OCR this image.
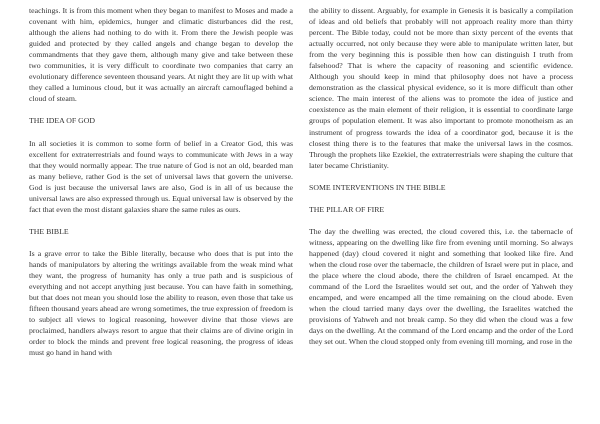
teachings. It is from this moment when they began to manifest to Moses and made a covenant with him, epidemics, hunger and climatic disturbances did the rest, although the aliens had nothing to do with it. From there the Jewish people was guided and protected by they called angels and change began to develop the commandments that they gave them, although many give and take between these two communities, it is very difficult to coordinate two companies that carry an evolutionary difference seventeen thousand years. At night they are lit up with what they called a luminous cloud, but it was actually an aircraft camouflaged behind a cloud of steam.

THE IDEA OF GOD

In all societies it is common to some form of belief in a Creator God, this was excellent for extraterrestrials and found ways to communicate with Jews in a way that they would normally appear. The true nature of God is not an old, bearded man as many believe, rather God is the set of universal laws that govern the universe. God is just because the universal laws are also, God is in all of us because the universal laws are also expressed through us. Equal universal law is observed by the fact that even the most distant galaxies share the same rules as ours.

THE BIBLE

Is a grave error to take the Bible literally, because who does that is put into the hands of manipulators by altering the writings available from the weak mind what they want, the progress of humanity has only a true path and is suspicious of everything and not accept anything just because. You can have faith in something, but that does not mean you should lose the ability to reason, even those that take us fifteen thousand years ahead are wrong sometimes, the true expression of freedom is to subject all views to logical reasoning, however divine that those views are proclaimed, handlers always resort to argue that their claims are of divine origin in order to block the minds and prevent free logical reasoning, the progress of ideas must go hand in hand with

the ability to dissent. Arguably, for example in Genesis it is basically a compilation of ideas and old beliefs that probably will not approach reality more than thirty percent. The Bible today, could not be more than sixty percent of the events that actually occurred, not only because they were able to manipulate written later, but from the very beginning this is possible then how can distinguish I truth from falsehood? That is where the capacity of reasoning and scientific evidence. Although you should keep in mind that philosophy does not have a process demonstration as the classical physical evidence, so it is more difficult than other science. The main interest of the aliens was to promote the idea of justice and coexistence as the main element of their religion, it is essential to coordinate large groups of population element. It was also important to promote monotheism as an instrument of progress towards the idea of a coordinator god, because it is the closest thing there is to the features that make the universal laws in the cosmos. Through the prophets like Ezekiel, the extraterrestrials were shaping the culture that later became Christianity.

SOME INTERVENTIONS IN THE BIBLE

THE PILLAR OF FIRE

The day the dwelling was erected, the cloud covered this, i.e. the tabernacle of witness, appearing on the dwelling like fire from evening until morning. So always happened (day) cloud covered it night and something that looked like fire. And when the cloud rose over the tabernacle, the children of Israel were put in place, and the place where the cloud abode, there the children of Israel encamped. At the command of the Lord the Israelites would set out, and the order of Yahweh they encamped, and were encamped all the time remaining on the cloud abode. Even when the cloud tarried many days over the dwelling, the Israelites watched the provisions of Yahweh and not break camp. So they did when the cloud was a few days on the dwelling. At the command of the Lord encamp and the order of the Lord they set out. When the cloud stopped only from evening till morning, and rose in the
